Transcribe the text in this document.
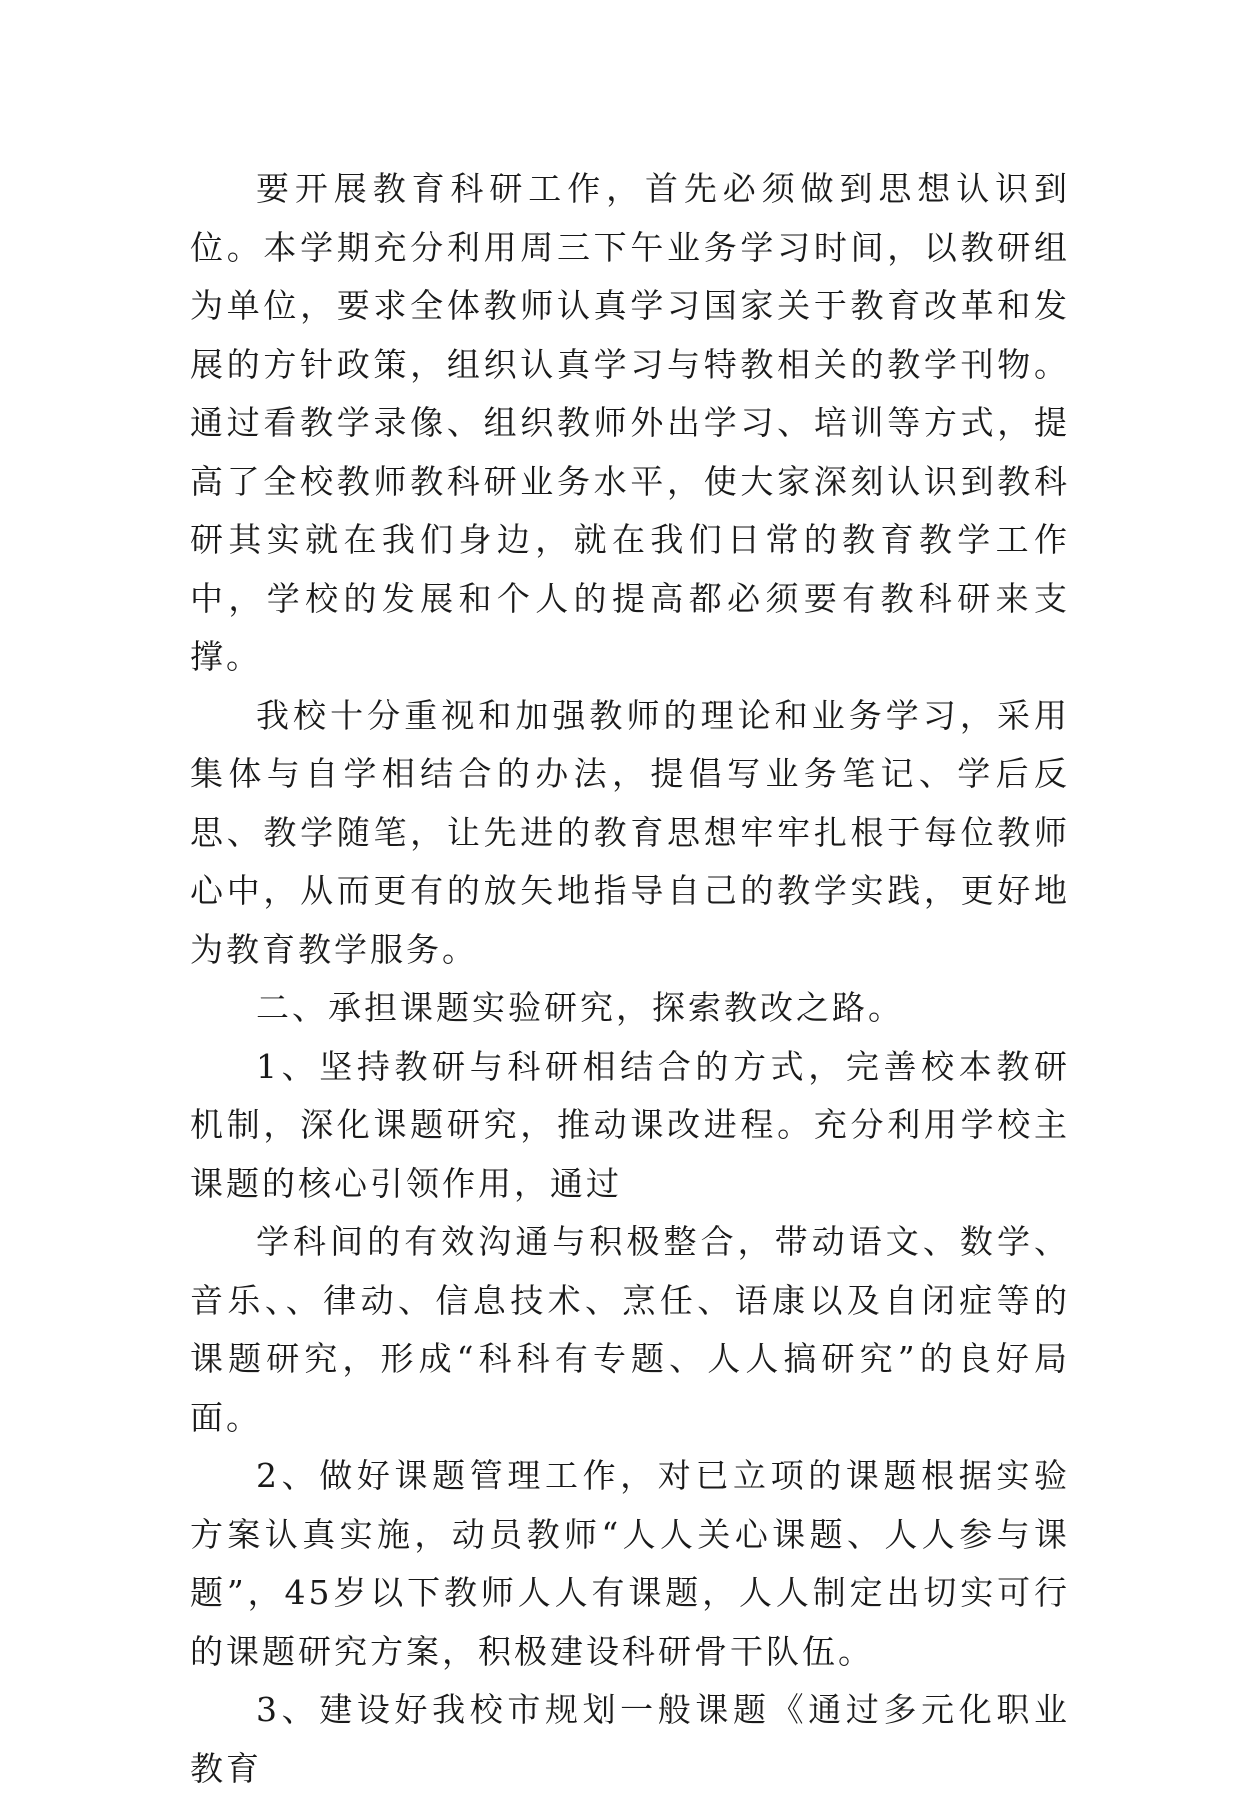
要开展教育科研工作，首先必须做到思想认识到位。本学期充分利用周三下午业务学习时间，以教研组为单位，要求全体教师认真学习国家关于教育改革和发展的方针政策，组织认真学习与特教相关的教学刊物。通过看教学录像、组织教师外出学习、培训等方式，提高了全校教师教科研业务水平，使大家深刻认识到教科研其实就在我们身边，就在我们日常的教育教学工作中，学校的发展和个人的提高都必须要有教科研来支撑。

我校十分重视和加强教师的理论和业务学习，采用集体与自学相结合的办法，提倡写业务笔记、学后反思、教学随笔，让先进的教育思想牢牢扎根于每位教师心中，从而更有的放矢地指导自己的教学实践，更好地为教育教学服务。

二、承担课题实验研究，探索教改之路。

1、坚持教研与科研相结合的方式，完善校本教研机制，深化课题研究，推动课改进程。充分利用学校主课题的核心引领作用，通过

学科间的有效沟通与积极整合，带动语文、数学、音乐、、律动、信息技术、烹任、语康以及自闭症等的课题研究，形成“科科有专题、人人搞研究”的良好局面。

2、做好课题管理工作，对已立项的课题根据实验方案认真实施，动员教师“人人关心课题、人人参与课题”，45岁以下教师人人有课题，人人制定出切实可行的课题研究方案，积极建设科研骨干队伍。

3、建设好我校市规划一般课题《通过多元化职业教育
